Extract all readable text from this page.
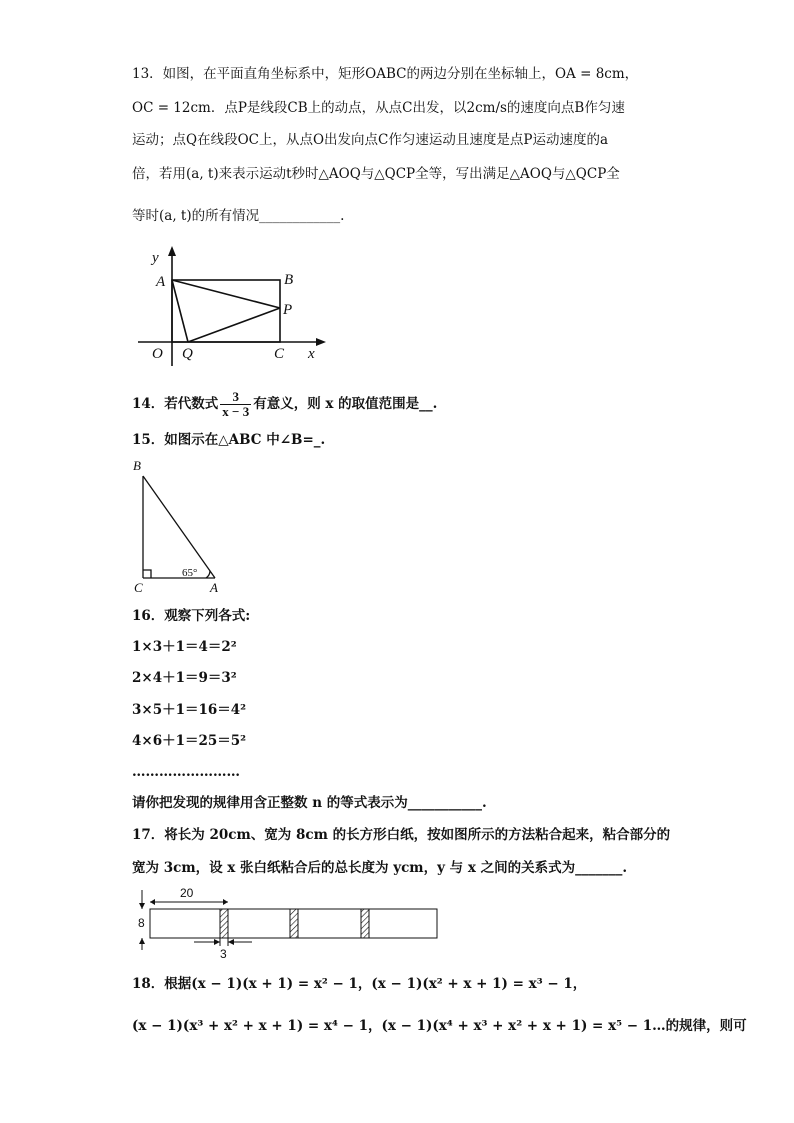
13．如图，在平面直角坐标系中，矩形OABC的两边分别在坐标轴上，OA = 8cm，
OC = 12cm．点P是线段CB上的动点，从点C出发，以2cm/s的速度向点B作匀速
运动；点Q在线段OC上，从点O出发向点C作匀速运动且速度是点P运动速度的a
倍，若用(a, t)来表示运动t秒时△AOQ与△QCP全等，写出满足△AOQ与△QCP全
等时(a, t)的所有情况____________.
y
A	B
P
O Q	C x
14．若代数式 $\frac{3}{x - 3}$ 有意义，则 x 的取值范围是__.
15．如图示在△ABC 中∠B=_.
B
C	A
65°
16．观察下列各式:
1×3＋1＝4＝2²
2×4＋1＝9＝3²
3×5＋1＝16＝4²
4×6＋1＝25＝5²
……………………
请你把发现的规律用含正整数 n 的等式表示为___________.
17．将长为 20cm、宽为 8cm 的长方形白纸，按如图所示的方法粘合起来，粘合部分的
宽为 3cm，设 x 张白纸粘合后的总长度为 ycm，y 与 x 之间的关系式为_______.
20
8
3
18．根据(x − 1)(x + 1) = x² − 1，(x − 1)(x² + x + 1) = x³ − 1，
(x − 1)(x³ + x² + x + 1) = x⁴ − 1，(x − 1)(x⁴ + x³ + x² + x + 1) = x⁵ − 1…的规律，则可
